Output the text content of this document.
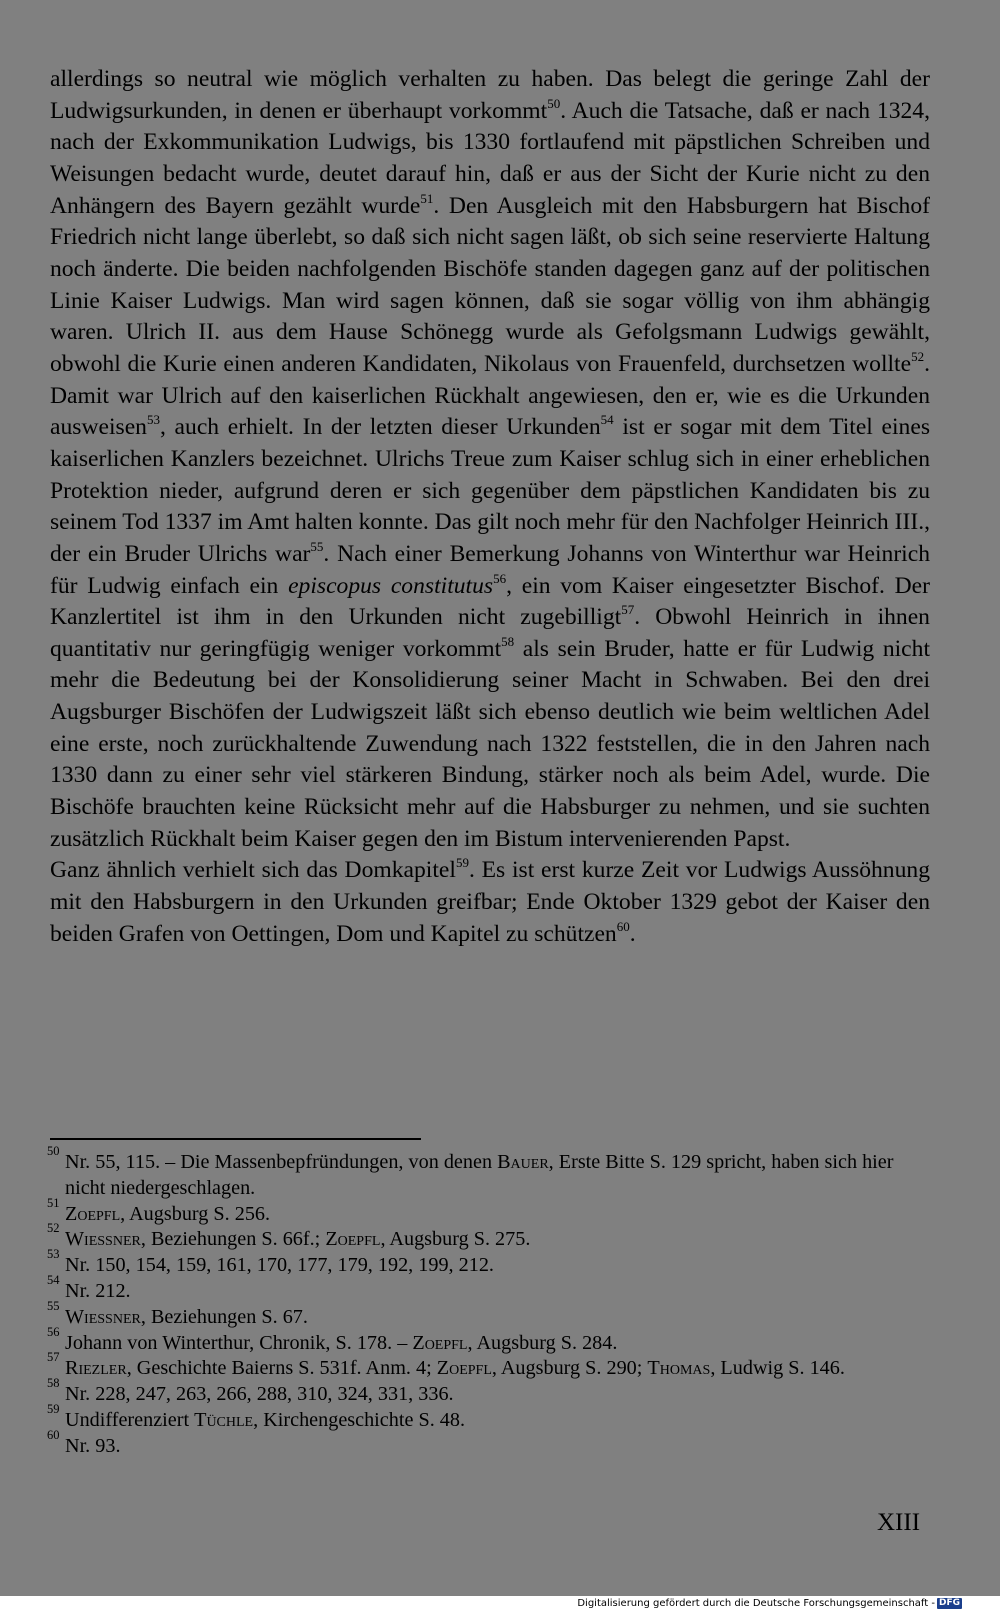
allerdings so neutral wie möglich verhalten zu haben. Das belegt die geringe Zahl der Ludwigsurkunden, in denen er überhaupt vorkommt$^{50}$. Auch die Tatsache, daß er nach 1324, nach der Exkommunikation Ludwigs, bis 1330 fortlaufend mit päpstlichen Schreiben und Weisungen bedacht wurde, deutet darauf hin, daß er aus der Sicht der Kurie nicht zu den Anhängern des Bayern gezählt wurde$^{51}$. Den Ausgleich mit den Habsburgern hat Bischof Friedrich nicht lange überlebt, so daß sich nicht sagen läßt, ob sich seine reservierte Haltung noch änderte. Die beiden nachfolgenden Bischöfe standen dagegen ganz auf der politischen Linie Kaiser Ludwigs. Man wird sagen können, daß sie sogar völlig von ihm abhängig waren. Ulrich II. aus dem Hause Schönegg wurde als Gefolgsmann Ludwigs gewählt, obwohl die Kurie einen anderen Kandidaten, Nikolaus von Frauenfeld, durchsetzen wollte$^{52}$. Damit war Ulrich auf den kaiserlichen Rückhalt angewiesen, den er, wie es die Urkunden ausweisen$^{53}$, auch erhielt. In der letzten dieser Urkunden$^{54}$ ist er sogar mit dem Titel eines kaiserlichen Kanzlers bezeichnet. Ulrichs Treue zum Kaiser schlug sich in einer erheblichen Protektion nieder, aufgrund deren er sich gegenüber dem päpstlichen Kandidaten bis zu seinem Tod 1337 im Amt halten konnte. Das gilt noch mehr für den Nachfolger Heinrich III., der ein Bruder Ulrichs war$^{55}$. Nach einer Bemerkung Johanns von Winterthur war Heinrich für Ludwig einfach ein episcopus constitutus$^{56}$, ein vom Kaiser eingesetzter Bischof. Der Kanzlertitel ist ihm in den Urkunden nicht zugebilligt$^{57}$. Obwohl Heinrich in ihnen quantitativ nur geringfügig weniger vorkommt$^{58}$ als sein Bruder, hatte er für Ludwig nicht mehr die Bedeutung bei der Konsolidierung seiner Macht in Schwaben. Bei den drei Augsburger Bischöfen der Ludwigszeit läßt sich ebenso deutlich wie beim weltlichen Adel eine erste, noch zurückhaltende Zuwendung nach 1322 feststellen, die in den Jahren nach 1330 dann zu einer sehr viel stärkeren Bindung, stärker noch als beim Adel, wurde. Die Bischöfe brauchten keine Rücksicht mehr auf die Habsburger zu nehmen, und sie suchten zusätzlich Rückhalt beim Kaiser gegen den im Bistum intervenierenden Papst.

Ganz ähnlich verhielt sich das Domkapitel$^{59}$. Es ist erst kurze Zeit vor Ludwigs Aussöhnung mit den Habsburgern in den Urkunden greifbar; Ende Oktober 1329 gebot der Kaiser den beiden Grafen von Oettingen, Dom und Kapitel zu schützen$^{60}$.

50 Nr. 55, 115. – Die Massenbepfründungen, von denen Bauer, Erste Bitte S. 129 spricht, haben sich hier nicht niedergeschlagen.
51 Zoepfl, Augsburg S. 256.
52 Wiessner, Beziehungen S. 66f.; Zoepfl, Augsburg S. 275.
53 Nr. 150, 154, 159, 161, 170, 177, 179, 192, 199, 212.
54 Nr. 212.
55 Wiessner, Beziehungen S. 67.
56 Johann von Winterthur, Chronik, S. 178. – Zoepfl, Augsburg S. 284.
57 Riezler, Geschichte Baierns S. 531f. Anm. 4; Zoepfl, Augsburg S. 290; Thomas, Ludwig S. 146.
58 Nr. 228, 247, 263, 266, 288, 310, 324, 331, 336.
59 Undifferenziert Tüchle, Kirchengeschichte S. 48.
60 Nr. 93.
XIII
Digitalisierung gefördert durch die Deutsche Forschungsgemeinschaft - DFG
